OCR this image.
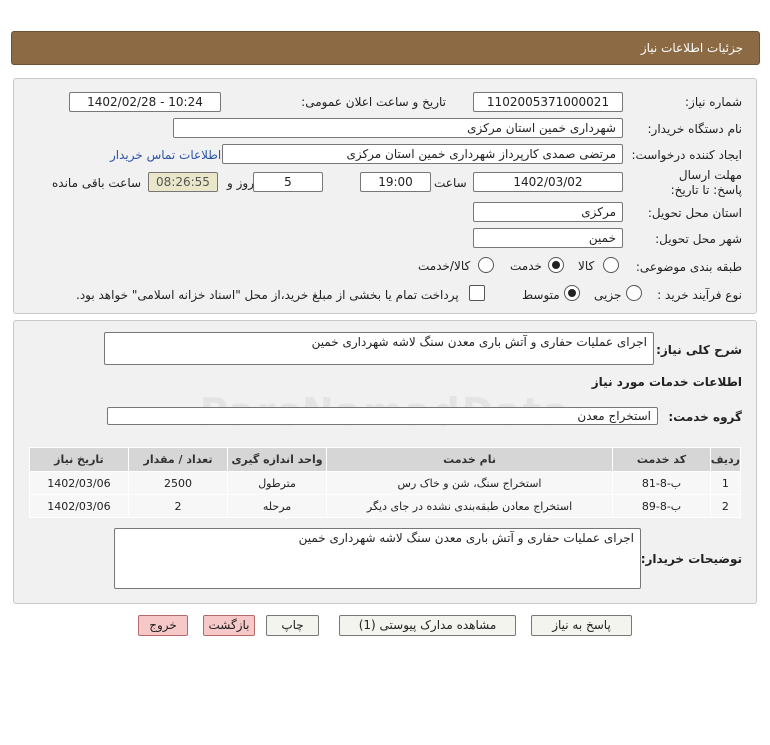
جزئیات اطلاعات نیاز
شماره نیاز:
1102005371000021
تاریخ و ساعت اعلان عمومی:
1402/02/28 - 10:24
نام دستگاه خریدار:
شهرداری خمین استان مرکزی
ایجاد کننده درخواست:
مرتضی صمدی کارپرداز شهرداری خمین استان مرکزی
اطلاعات تماس خریدار
مهلت ارسال پاسخ: تا تاریخ:
1402/03/02
ساعت
19:00
5
روز و
08:26:55
ساعت باقی مانده
استان محل تحویل:
مرکزی
شهر محل تحویل:
خمین
طبقه بندی موضوعی:
کالا
خدمت
کالا/خدمت
نوع فرآیند خرید :
جزیی
متوسط
پرداخت تمام یا بخشی از مبلغ خرید،از محل "اسناد خزانه اسلامی" خواهد بود.
شرح کلی نیاز:
اجرای عملیات حفاری و آتش باری معدن سنگ لاشه شهرداری خمین
اطلاعات خدمات مورد نیاز
گروه خدمت:
استخراج معدن
ردیف	کد خدمت	نام خدمت	واحد اندازه گیری	تعداد / مقدار	تاریخ نیاز
1	ب-8-81	استخراج سنگ، شن و خاک رس	مترطول	2500	1402/03/06
2	ب-8-89	استخراج معادن طبقه‌بندی نشده در جای دیگر	مرحله	2	1402/03/06
توضیحات خریدار:
اجرای عملیات حفاری و آتش باری معدن سنگ لاشه شهرداری خمین
پاسخ به نیاز
مشاهده مدارک پیوستی (1)
چاپ
بازگشت
خروج
